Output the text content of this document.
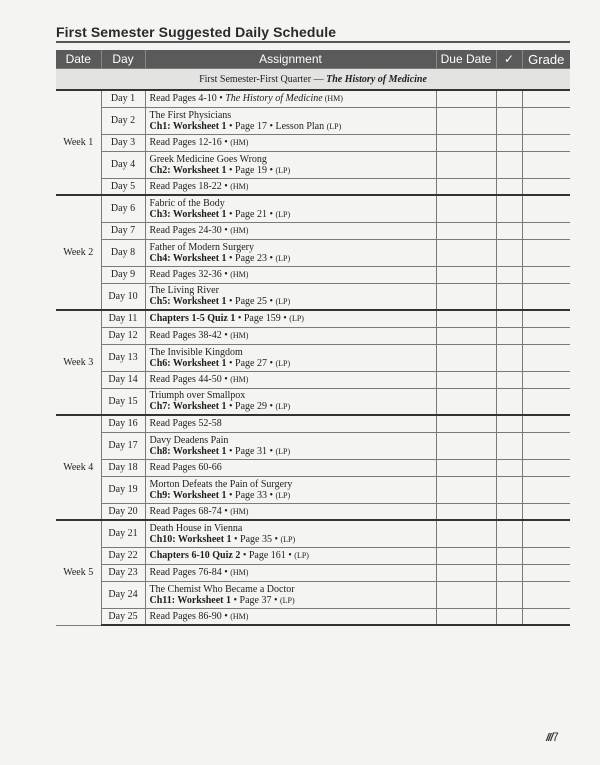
First Semester Suggested Daily Schedule
Date	Day	Assignment	Due Date	✓	Grade
First Semester-First Quarter — The History of Medicine					
Week 1	Day 1	Read Pages 4-10 • The History of Medicine (HM)			
	Day 2	The First Physicians
Ch1: Worksheet 1 • Page 17 • Lesson Plan (LP)			
	Day 3	Read Pages 12-16 • (HM)			
	Day 4	Greek Medicine Goes Wrong
Ch2: Worksheet 1 • Page 19 • (LP)			
	Day 5	Read Pages 18-22 • (HM)			
Week 2	Day 6	Fabric of the Body
Ch3: Worksheet 1 • Page 21 • (LP)			
	Day 7	Read Pages 24-30 • (HM)			
	Day 8	Father of Modern Surgery
Ch4: Worksheet 1 • Page 23 • (LP)			
	Day 9	Read Pages 32-36 • (HM)			
	Day 10	The Living River
Ch5: Worksheet 1 • Page 25 • (LP)			
Week 3	Day 11	Chapters 1-5 Quiz 1 • Page 159 • (LP)			
	Day 12	Read Pages 38-42 • (HM)			
	Day 13	The Invisible Kingdom
Ch6: Worksheet 1 • Page 27 • (LP)			
	Day 14	Read Pages 44-50 • (HM)			
	Day 15	Triumph over Smallpox
Ch7: Worksheet 1 • Page 29 • (LP)			
Week 4	Day 16	Read Pages 52-58			
	Day 17	Davy Deadens Pain
Ch8: Worksheet 1 • Page 31 • (LP)			
	Day 18	Read Pages 60-66			
	Day 19	Morton Defeats the Pain of Surgery
Ch9: Worksheet 1 • Page 33 • (LP)			
	Day 20	Read Pages 68-74 • (HM)			
Week 5	Day 21	Death House in Vienna
Ch10: Worksheet 1 • Page 35 • (LP)			
	Day 22	Chapters 6-10 Quiz 2 • Page 161 • (LP)			
	Day 23	Read Pages 76-84 • (HM)			
	Day 24	The Chemist Who Became a Doctor
Ch11: Worksheet 1 • Page 37 • (LP)			
	Day 25	Read Pages 86-90 • (HM)			
///7
